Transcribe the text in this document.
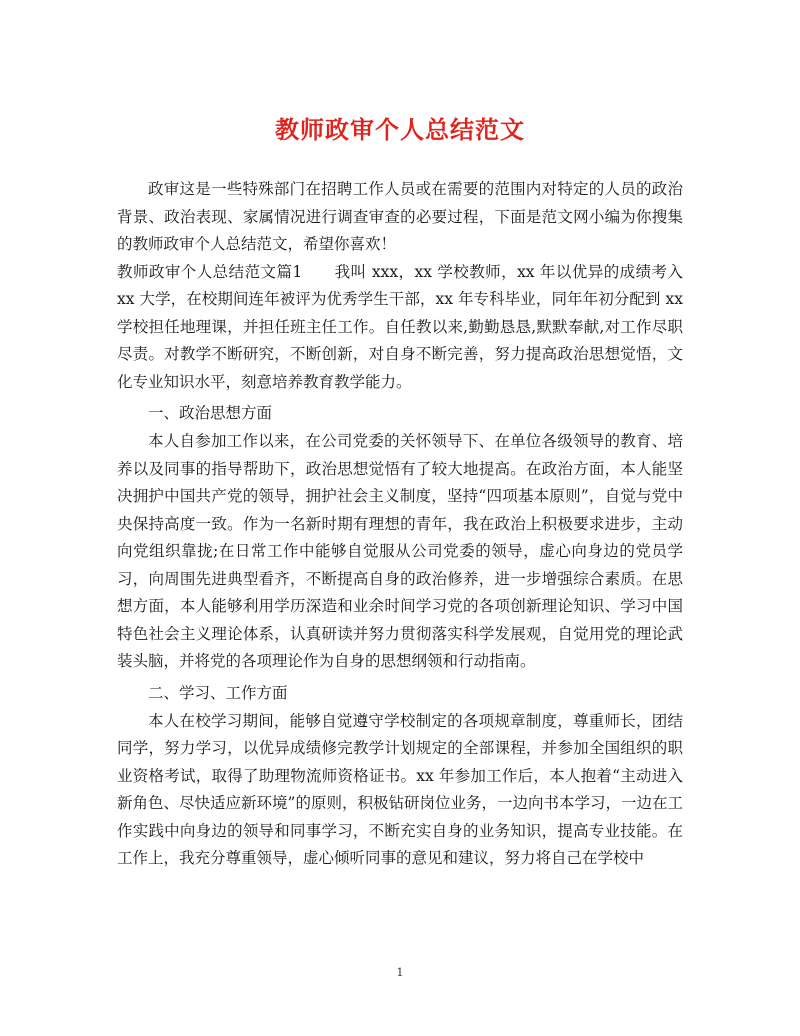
教师政审个人总结范文

政审这是一些特殊部门在招聘工作人员或在需要的范围内对特定的人员的政治背景、政治表现、家属情况进行调查审查的必要过程，下面是范文网小编为你搜集的教师政审个人总结范文，希望你喜欢！

教师政审个人总结范文篇1　　我叫 xxx，xx 学校教师，xx 年以优异的成绩考入 xx 大学，在校期间连年被评为优秀学生干部，xx 年专科毕业，同年年初分配到 xx 学校担任地理课，并担任班主任工作。自任教以来,勤勤恳恳,默默奉献,对工作尽职尽责。对教学不断研究，不断创新，对自身不断完善，努力提高政治思想觉悟，文化专业知识水平，刻意培养教育教学能力。

一、政治思想方面

本人自参加工作以来，在公司党委的关怀领导下、在单位各级领导的教育、培养以及同事的指导帮助下，政治思想觉悟有了较大地提高。在政治方面，本人能坚决拥护中国共产党的领导，拥护社会主义制度，坚持“四项基本原则”，自觉与党中央保持高度一致。作为一名新时期有理想的青年，我在政治上积极要求进步，主动向党组织靠拢;在日常工作中能够自觉服从公司党委的领导，虚心向身边的党员学习，向周围先进典型看齐，不断提高自身的政治修养，进一步增强综合素质。在思想方面，本人能够利用学历深造和业余时间学习党的各项创新理论知识、学习中国特色社会主义理论体系，认真研读并努力贯彻落实科学发展观，自觉用党的理论武装头脑，并将党的各项理论作为自身的思想纲领和行动指南。

二、学习、工作方面

本人在校学习期间，能够自觉遵守学校制定的各项规章制度，尊重师长，团结同学，努力学习，以优异成绩修完教学计划规定的全部课程，并参加全国组织的职业资格考试，取得了助理物流师资格证书。xx 年参加工作后，本人抱着“主动进入新角色、尽快适应新环境”的原则，积极钻研岗位业务，一边向书本学习，一边在工作实践中向身边的领导和同事学习，不断充实自身的业务知识，提高专业技能。在工作上，我充分尊重领导，虚心倾听同事的意见和建议，努力将自己在学校中

1
